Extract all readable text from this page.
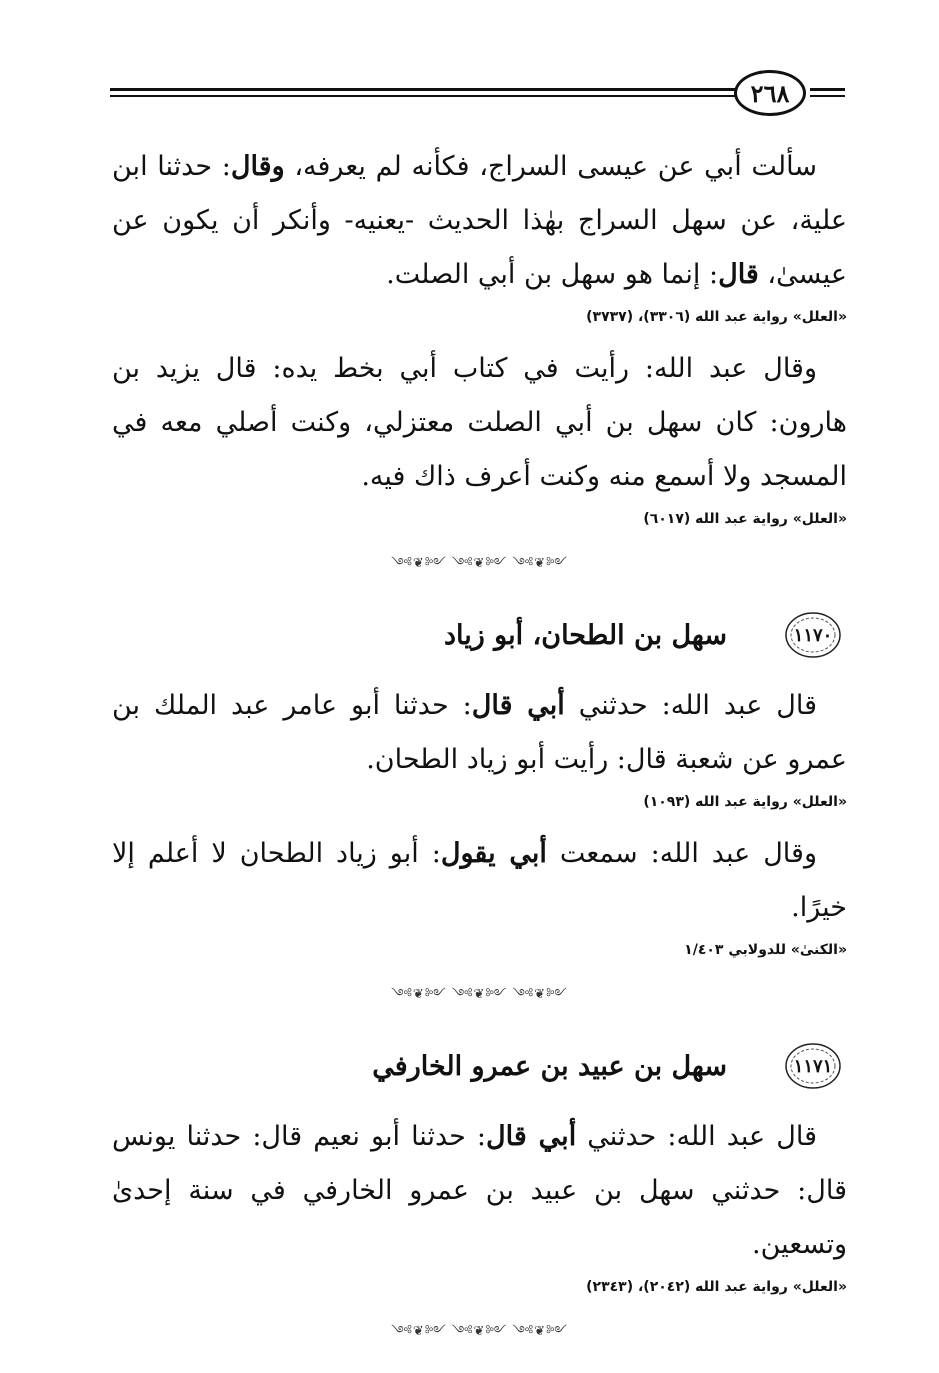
٢٦٨

سألت أبي عن عيسى السراج، فكأنه لم يعرفه، وقال: حدثنا ابن علية، عن سهل السراج بهٰذا الحديث -يعنيه- وأنكر أن يكون عن عيسىٰ، قال: إنما هو سهل بن أبي الصلت.

«العلل» رواية عبد الله (٣٣٠٦)، (٣٧٣٧)

وقال عبد الله: رأيت في كتاب أبي بخط يده: قال يزيد بن هارون: كان سهل بن أبي الصلت معتزلي، وكنت أصلي معه في المسجد ولا أسمع منه وكنت أعرف ذاك فيه.

«العلل» رواية عبد الله (٦٠١٧)
༺❦༻ ༺❦༻ ༺❦༻
١١٧٠
سهل بن الطحان، أبو زياد

قال عبد الله: حدثني أبي قال: حدثنا أبو عامر عبد الملك بن عمرو عن شعبة قال: رأيت أبو زياد الطحان.

«العلل» رواية عبد الله (١٠٩٣)

وقال عبد الله: سمعت أبي يقول: أبو زياد الطحان لا أعلم إلا خيرًا.

«الكنىٰ» للدولابي ١/٤٠٣
༺❦༻ ༺❦༻ ༺❦༻
١١٧١
سهل بن عبيد بن عمرو الخارفي

قال عبد الله: حدثني أبي قال: حدثنا أبو نعيم قال: حدثنا يونس قال: حدثني سهل بن عبيد بن عمرو الخارفي في سنة إحدىٰ وتسعين.

«العلل» رواية عبد الله (٢٠٤٢)، (٢٣٤٣)
༺❦༻ ༺❦༻ ༺❦༻
